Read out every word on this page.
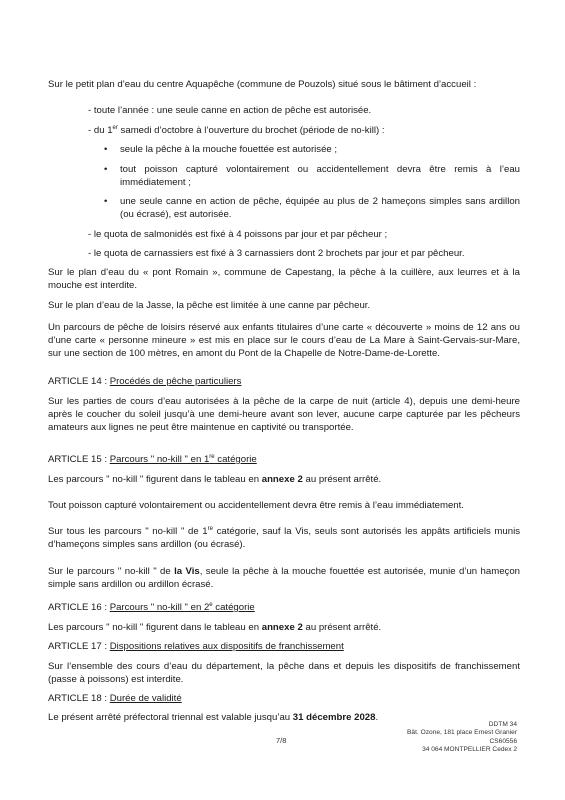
Sur le petit plan d’eau du centre Aquapêche (commune de Pouzols) situé sous le bâtiment d’accueil :

- toute l’année : une seule canne en action de pêche est autorisée.

- du 1er samedi d’octobre à l’ouverture du brochet (période de no-kill) :

• seule la pêche à la mouche fouettée est autorisée ;
• tout poisson capturé volontairement ou accidentellement devra être remis à l’eau immédiatement ;
• une seule canne en action de pêche, équipée au plus de 2 hameçons simples sans ardillon (ou écrasé), est autorisée.

- le quota de salmonidés est fixé à 4 poissons par jour et par pêcheur ;

- le quota de carnassiers est fixé à 3 carnassiers dont 2 brochets par jour et par pêcheur.

Sur le plan d’eau du « pont Romain », commune de Capestang, la pêche à la cuillère, aux leurres et à la mouche est interdite.

Sur le plan d’eau de la Jasse, la pêche est limitée à une canne par pêcheur.

Un parcours de pêche de loisirs réservé aux enfants titulaires d’une carte « découverte » moins de 12 ans ou d’une carte « personne mineure » est mis en place sur le cours d’eau de La Mare à Saint-Gervais-sur-Mare, sur une section de 100 mètres, en amont du Pont de la Chapelle de Notre-Dame-de-Lorette.

ARTICLE 14 : Procédés de pêche particuliers

Sur les parties de cours d’eau autorisées à la pêche de la carpe de nuit (article 4), depuis une demi-heure après le coucher du soleil jusqu’à une demi-heure avant son lever, aucune carpe capturée par les pêcheurs amateurs aux lignes ne peut être maintenue en captivité ou transportée.

ARTICLE 15 : Parcours " no-kill " en 1re catégorie

Les parcours " no-kill " figurent dans le tableau en annexe 2 au présent arrêté.

Tout poisson capturé volontairement ou accidentellement devra être remis à l’eau immédiatement.

Sur tous les parcours " no-kill " de 1re catégorie, sauf la Vis, seuls sont autorisés les appâts artificiels munis d’hameçons simples sans ardillon (ou écrasé).

Sur le parcours " no-kill " de la Vis, seule la pêche à la mouche fouettée est autorisée, munie d’un hameçon simple sans ardillon ou ardillon écrasé.

ARTICLE 16 : Parcours " no-kill " en 2e catégorie

Les parcours " no-kill " figurent dans le tableau en annexe 2 au présent arrêté.

ARTICLE 17 : Dispositions relatives aux dispositifs de franchissement

Sur l’ensemble des cours d’eau du département, la pêche dans et depuis les dispositifs de franchissement (passe à poissons) est interdite.

ARTICLE 18 : Durée de validité

Le présent arrêté préfectoral triennal est valable jusqu’au 31 décembre 2028.

7/8
DDTM 34
Bât. Ozone, 181 place Ernest Granier
CS60556
34 064 MONTPELLIER Cedex 2
